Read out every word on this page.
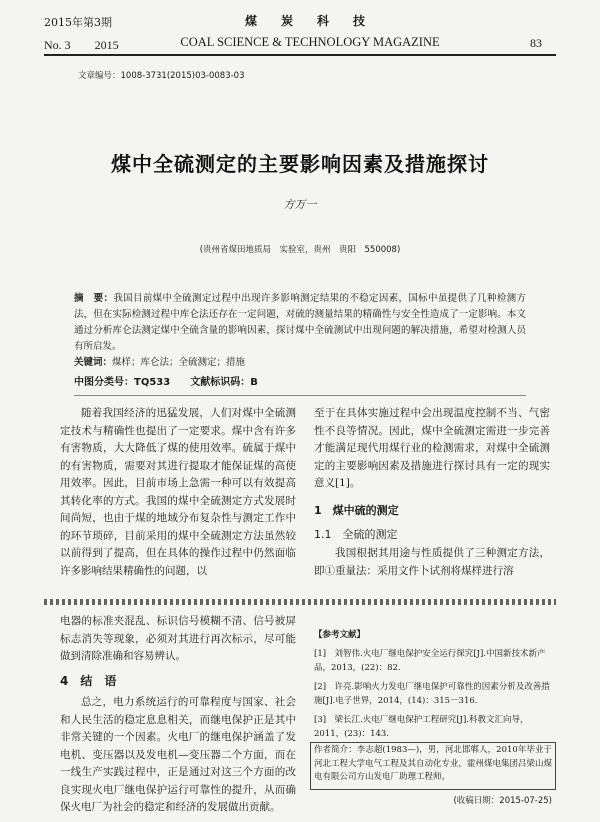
2015年第3期	煤　　炭　　科　　技
No. 3　　2015	COAL SCIENCE & TECHNOLOGY MAGAZINE	83
文章编号：1008-3731(2015)03-0083-03
煤中全硫测定的主要影响因素及措施探讨
方万一
(贵州省煤田地质局　实验室，贵州　贵阳　550008)
摘　要：我国目前煤中全硫测定过程中出现许多影响测定结果的不稳定因素，国标中虽提供了几种检测方法，但在实际检测过程中库仑法还存在一定问题，对硫的测量结果的精确性与安全性造成了一定影响。本文通过分析库仑法测定煤中全硫含量的影响因素，探讨煤中全硫测试中出现问题的解决措施，希望对检测人员有所启发。
关键词：煤样；库仑法；全硫测定；措施
中图分类号：TQ533　　文献标识码：B
随着我国经济的迅猛发展，人们对煤中全硫测定技术与精确性也提出了一定要求。煤中含有许多有害物质，大大降低了煤的使用效率。硫属于煤中的有害物质，需要对其进行提取才能保证煤的高使用效率。因此，目前市场上急需一种可以有效提高其转化率的方式。我国的煤中全硫测定方式发展时间尚短，也由于煤的地域分布复杂性与测定工作中的环节琐碎，目前采用的煤中全硫测定方法虽然较以前得到了提高，但在具体的操作过程中仍然面临许多影响结果精确性的问题，以
至于在具体实施过程中会出现温度控制不当、气密性不良等情况。因此，煤中全硫测定需进一步完善才能满足现代用煤行业的检测需求，对煤中全硫测定的主要影响因素及措施进行探讨具有一定的现实意义[1]。
1　煤中硫的测定
1.1　全硫的测定
我国根据其用途与性质提供了三种测定方法，即①重量法：采用文件卜试剂将煤样进行溶
电器的标准夹混乱、标识信号模糊不清、信号被屏标志消失等现象，必须对其进行再次标示，尽可能做到清除准确和容易辨认。
4　结　语
总之，电力系统运行的可靠程度与国家、社会和人民生活的稳定息息相关，而继电保护正是其中非常关键的一个因素。火电厂的继电保护涵盖了发电机、变压器以及发电机—变压器二个方面，而在一线生产实践过程中，正是通过对这三个方面的改良实现火电厂继电保护运行可靠性的提升，从而确保火电厂为社会的稳定和经济的发展做出贡献。
【参考文献】
[1]　刘智伟.火电厂继电保护安全运行探究[J].中国新技术新产品，2013，(22)：82.
[2]　许亮.影响火力发电厂继电保护可靠性的因素分析及改善措施[J].电子世界，2014，(14)：315－316.
[3]　梁长江.火电厂继电保护工程研究[J].科教文汇向导，2011，(23)：143.
作者简介：李志超(1983—)，男，河北邯郸人，2010年毕业于河北工程大学电气工程及其自动化专业，霍州煤电集团吕梁山煤电有限公司方山发电厂助理工程师。
(收稿日期：2015-07-25)
